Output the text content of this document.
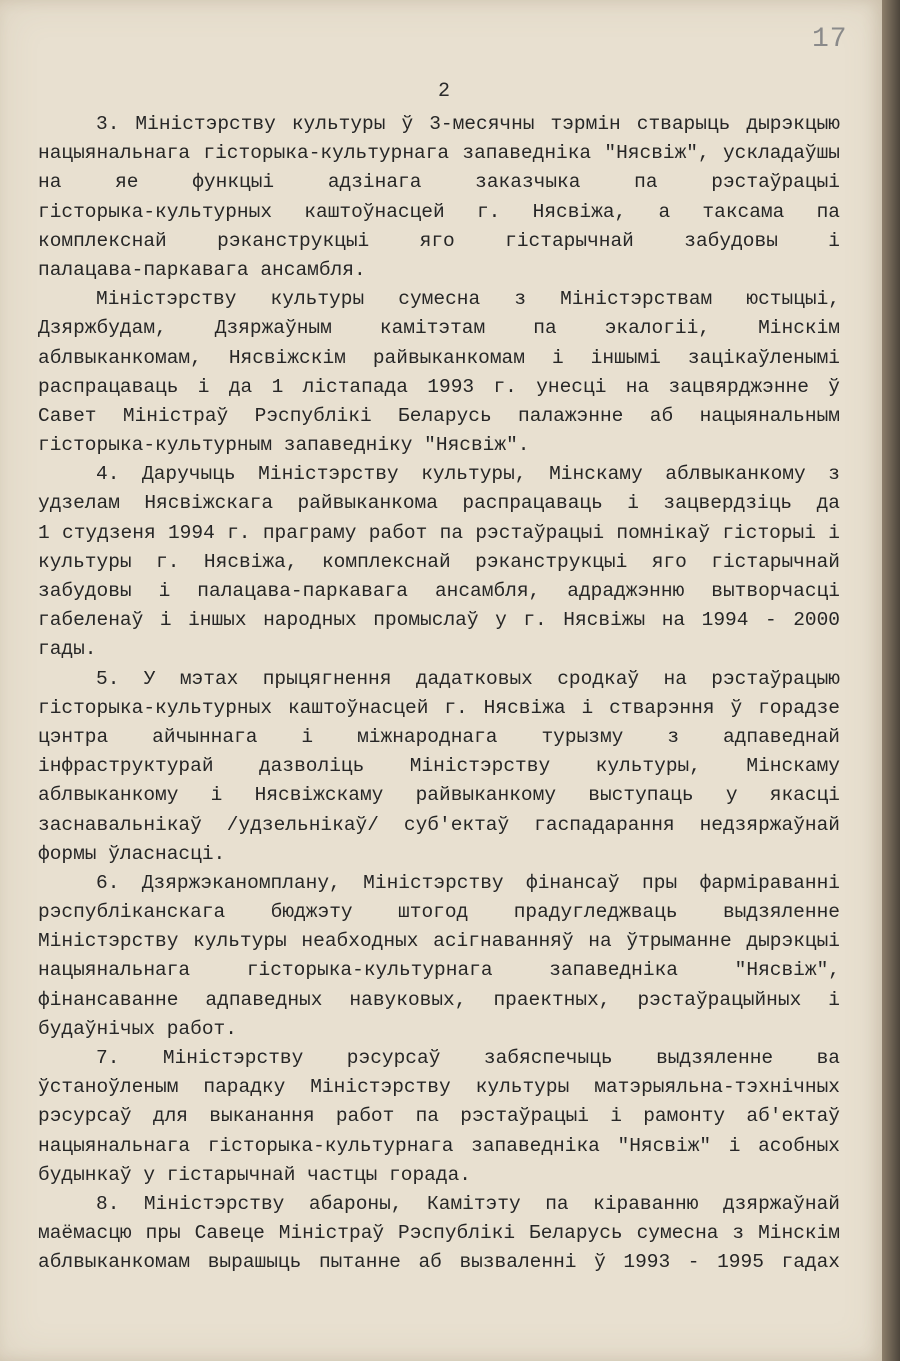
17
2
3. Міністэрству культуры ў 3-месячны тэрмін стварыць дырэкцыю
нацыянальнага гісторыка-культурнага запаведніка "Нясвіж", ускладаўшы
на яе функцыі адзінага заказчыка па рэстаўрацыі
гісторыка-культурных каштоўнасцей г. Нясвіжа, а таксама па
комплекснай рэканструкцыі яго гістарычнай забудовы і
палацава-паркавага ансамбля.
Міністэрству культуры сумесна з Міністэрствам юстыцыі,
Дзяржбудам, Дзяржаўным камітэтам па экалогіі, Мінскім
аблвыканкомам, Нясвіжскім райвыканкомам і іншымі зацікаўленымі
распрацаваць і да 1 лістапада 1993 г. унесці на зацвярджэнне ў
Савет Міністраў Рэспублікі Беларусь палажэнне аб нацыянальным
гісторыка-культурным запаведніку "Нясвіж".
4. Даручыць Міністэрству культуры, Мінскаму аблвыканкому з
удзелам Нясвіжскага райвыканкома распрацаваць і зацвердзіць да
1 студзеня 1994 г. праграму работ па рэстаўрацыі помнікаў гісторыі і
культуры г. Нясвіжа, комплекснай рэканструкцыі яго гістарычнай
забудовы і палацава-паркавага ансамбля, адраджэнню вытворчасці
габеленаў і іншых народных промыслаў у г. Нясвіжы на 1994 - 2000
гады.
5. У мэтах прыцягнення дадатковых сродкаў на рэстаўрацыю
гісторыка-культурных каштоўнасцей г. Нясвіжа і стварэння ў горадзе
цэнтра айчыннага і міжнароднага турызму з адпаведнай
інфраструктурай дазволіць Міністэрству культуры, Мінскаму
аблвыканкому і Нясвіжскаму райвыканкому выступаць у якасці
заснавальнікаў /удзельнікаў/ суб'ектаў гаспадарання недзяржаўнай
формы ўласнасці.
6. Дзяржэканомплану, Міністэрству фінансаў пры фарміраванні
рэспубліканскага бюджэту штогод прадугледжваць выдзяленне
Міністэрству культуры неабходных асігнаванняў на ўтрыманне дырэкцыі
нацыянальнага гісторыка-культурнага запаведніка "Нясвіж",
фінансаванне адпаведных навуковых, праектных, рэстаўрацыйных і
будаўнічых работ.
7. Міністэрству рэсурсаў забяспечыць выдзяленне ва
ўстаноўленым парадку Міністэрству культуры матэрыяльна-тэхнічных
рэсурсаў для выканання работ па рэстаўрацыі і рамонту аб'ектаў
нацыянальнага гісторыка-культурнага запаведніка "Нясвіж" і асобных
будынкаў у гістарычнай частцы горада.
8. Міністэрству абароны, Камітэту па кіраванню дзяржаўнай
маёмасцю пры Савеце Міністраў Рэспублікі Беларусь сумесна з Мінскім
аблвыканкомам вырашыць пытанне аб вызваленні ў 1993 - 1995 гадах
